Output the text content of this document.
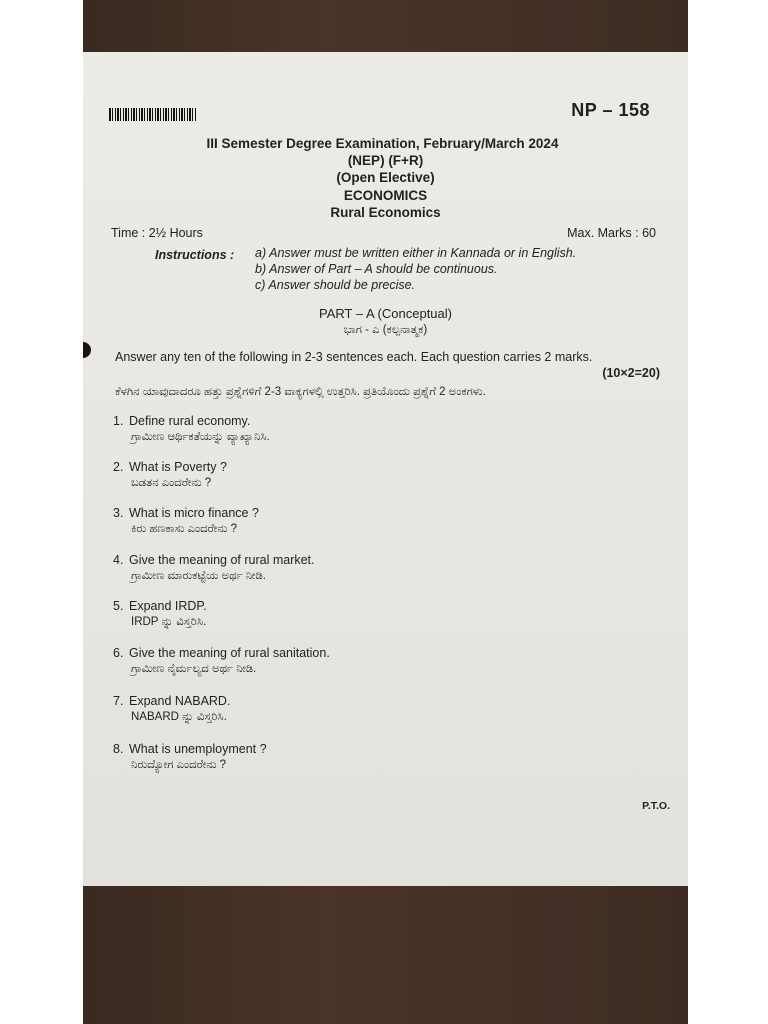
NP – 158
III Semester Degree Examination, February/March 2024
(NEP) (F+R)
(Open Elective)
ECONOMICS
Rural Economics
Time : 2½ Hours	Max. Marks : 60
Instructions : a) Answer must be written either in Kannada or in English.
b) Answer of Part – A should be continuous.
c) Answer should be precise.
PART – A (Conceptual)
ಭಾಗ - ಎ (ಕಲ್ಪನಾತ್ಮಕ)
Answer any ten of the following in 2-3 sentences each. Each question carries 2 marks.
(10×2=20)
ಕೆಳಗಿನ ಯಾವುದಾದರೂ ಹತ್ತು ಪ್ರಶ್ನೆಗಳಿಗೆ 2-3 ವಾಕ್ಯಗಳಲ್ಲಿ ಉತ್ತರಿಸಿ. ಪ್ರತಿಯೊಂದು ಪ್ರಶ್ನೆಗೆ 2 ಅಂಕಗಳು.
1. Define rural economy.
ಗ್ರಾಮೀಣ ಆರ್ಥಿಕತೆಯನ್ನು ವ್ಯಾಖ್ಯಾನಿಸಿ.
2. What is Poverty ?
ಬಡತನ ಎಂದರೇನು ?
3. What is micro finance ?
ಕಿರು ಹಣಕಾಸು ಎಂದರೇನು ?
4. Give the meaning of rural market.
ಗ್ರಾಮೀಣ ಮಾರುಕಟ್ಟೆಯ ಅರ್ಥ ನೀಡಿ.
5. Expand IRDP.
IRDP ನ್ನು ವಿಸ್ತರಿಸಿ.
6. Give the meaning of rural sanitation.
ಗ್ರಾಮೀಣ ನೈರ್ಮಲ್ಯದ ಅರ್ಥ ನೀಡಿ.
7. Expand NABARD.
NABARD ನ್ನು ವಿಸ್ತರಿಸಿ.
8. What is unemployment ?
ನಿರುದ್ಯೋಗ ಎಂದರೇನು ?
P.T.O.
